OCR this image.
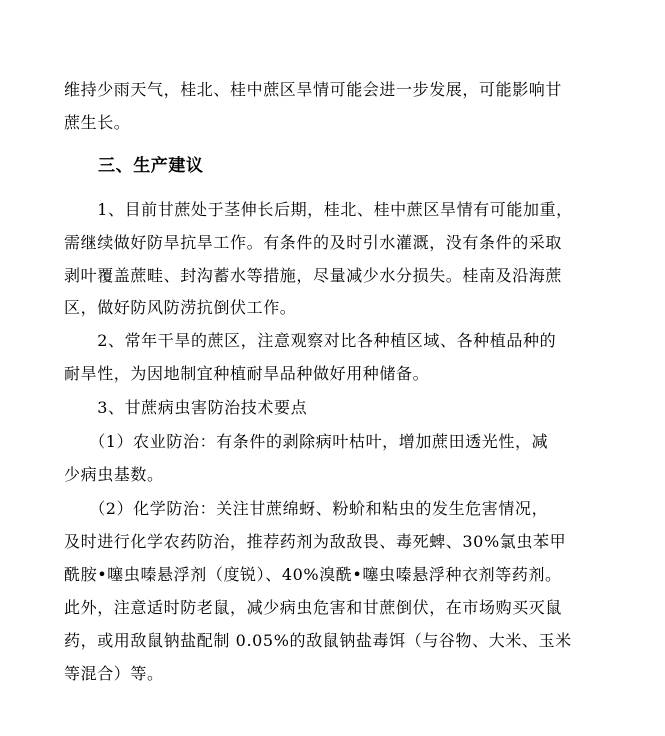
维持少雨天气，桂北、桂中蔗区旱情可能会进一步发展，可能影响甘
蔗生长。
三、生产建议
　　1、目前甘蔗处于茎伸长后期，桂北、桂中蔗区旱情有可能加重，
需继续做好防旱抗旱工作。有条件的及时引水灌溉，没有条件的采取
剥叶覆盖蔗畦、封沟蓄水等措施，尽量减少水分损失。桂南及沿海蔗
区，做好防风防涝抗倒伏工作。
　　2、常年干旱的蔗区，注意观察对比各种植区域、各种植品种的
耐旱性，为因地制宜种植耐旱品种做好用种储备。
　　3、甘蔗病虫害防治技术要点
　　（1）农业防治：有条件的剥除病叶枯叶，增加蔗田透光性，减
少病虫基数。
　　（2）化学防治：关注甘蔗绵蚜、粉蚧和粘虫的发生危害情况，
及时进行化学农药防治，推荐药剂为敌敌畏、毒死蜱、30%氯虫苯甲
酰胺•噻虫嗪悬浮剂（度锐）、40%溴酰•噻虫嗪悬浮种衣剂等药剂。
此外，注意适时防老鼠，减少病虫危害和甘蔗倒伏，在市场购买灭鼠
药，或用敌鼠钠盐配制 0.05%的敌鼠钠盐毒饵（与谷物、大米、玉米
等混合）等。
